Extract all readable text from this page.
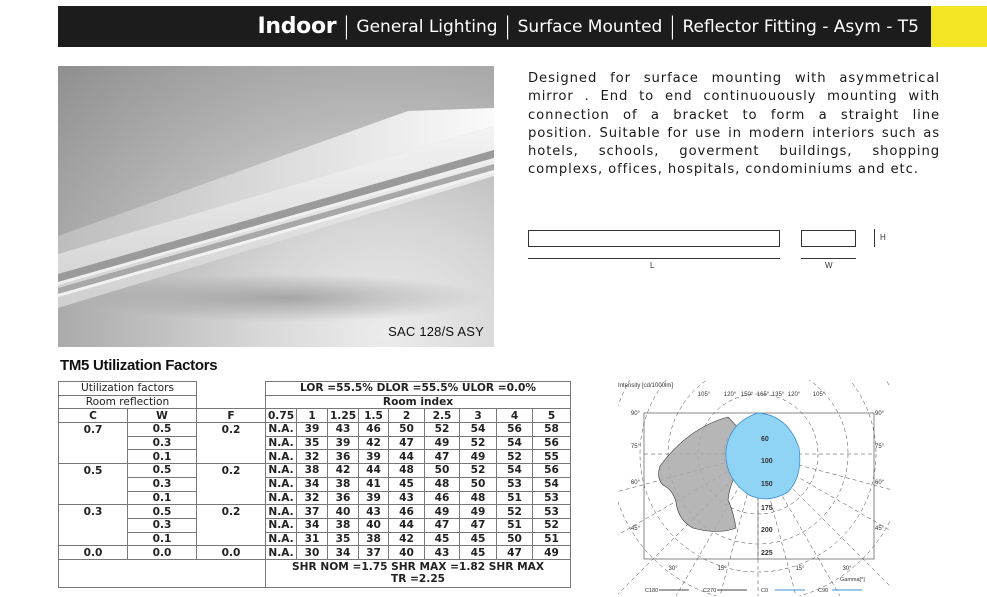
Indoor | General Lighting | Surface Mounted | Reflector Fitting - Asym - T5
SAC 128/S ASY
Designed for surface mounting with asymmetrical mirror . End to end continuouously mounting with connection of a bracket to form a straight line position. Suitable for use in modern interiors such as hotels, schools, goverment buildings, shopping complexs, offices, hospitals, condominiums and etc.
H
L	W
TM5 Utilization Factors
Utilization factors			LOR =55.5% DLOR =55.5% ULOR =0.0%								
Room reflection			Room index								
C	W	F	0.75	1	1.25	1.5	2	2.5	3	4	5
0.7	0.5	0.2	N.A.	39	43	46	50	52	54	56	58
	0.3		N.A.	35	39	42	47	49	52	54	56
	0.1		N.A.	32	36	39	44	47	49	52	55
0.5	0.5	0.2	N.A.	38	42	44	48	50	52	54	56
	0.3		N.A.	34	38	41	45	48	50	53	54
	0.1		N.A.	32	36	39	43	46	48	51	53
0.3	0.5	0.2	N.A.	37	40	43	46	49	49	52	53
	0.3		N.A.	34	38	40	44	47	47	51	52
	0.1		N.A.	31	35	38	42	45	45	50	51
0.0	0.0	0.0	N.A.	30	34	37	40	43	45	47	49

			SHR NOM =1.75 SHR MAX =1.82 SHR MAX
TR =2.25								
Intensity [cd/1000lm]
105° 120° 150° 165° 135° 120° 105°
90°	90°
75°	75°
60°	60°
45°	45°
60
100
150
175
200
225
30°	15°	15°	30°
Gamma[°]
C180	C270	C0	C90
